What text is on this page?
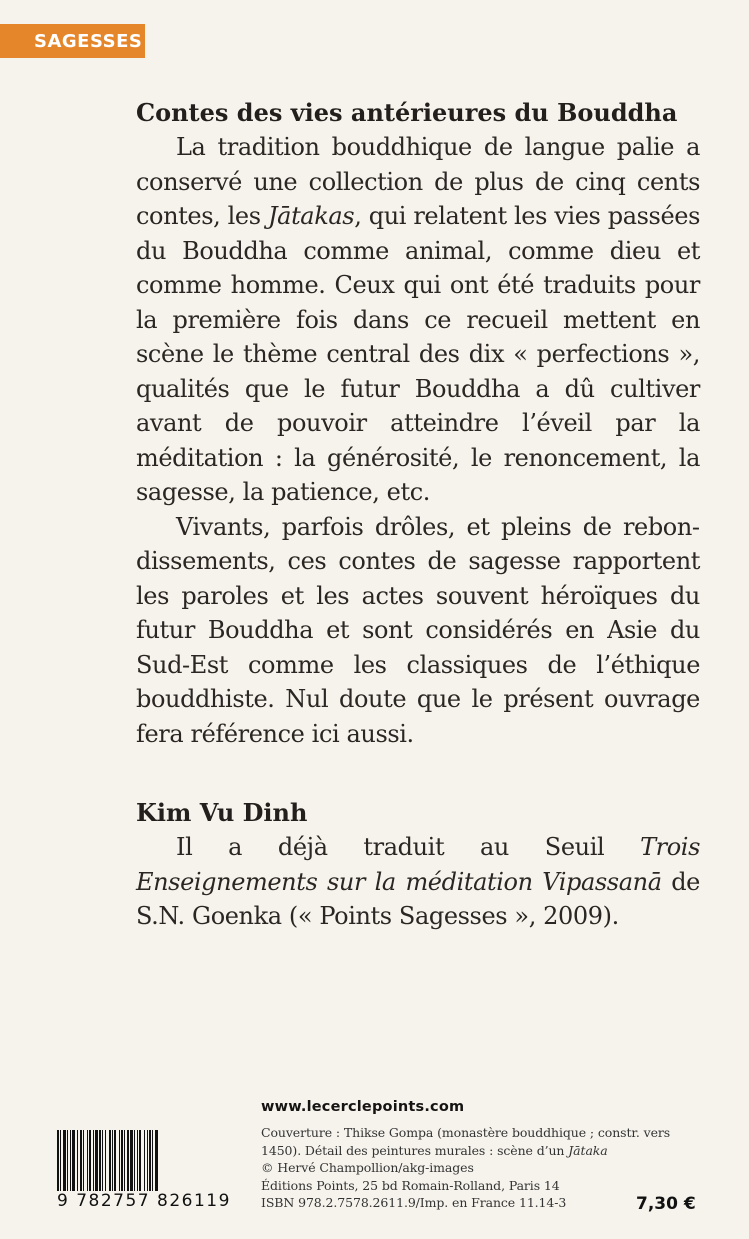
SAGESSES

Contes des vies antérieures du Bouddha

La tradition bouddhique de langue palie a conservé une collection de plus de cinq cents contes, les Jātakas, qui relatent les vies passées du Bouddha comme animal, comme dieu et comme homme. Ceux qui ont été traduits pour la première fois dans ce recueil mettent en scène le thème central des dix « perfections », qualités que le futur Bouddha a dû cultiver avant de pouvoir atteindre l’éveil par la méditation : la générosité, le renoncement, la sagesse, la patience, etc.

Vivants, parfois drôles, et pleins de rebondissements, ces contes de sagesse rapportent les paroles et les actes souvent héroïques du futur Bouddha et sont considérés en Asie du Sud-Est comme les classiques de l’éthique bouddhiste. Nul doute que le présent ouvrage fera référence ici aussi.

Kim Vu Dinh

Il a déjà traduit au Seuil Trois Enseignements sur la méditation Vipassanā de S.N. Goenka (« Points Sagesses », 2009).

9 782757 826119
www.lecerclepoints.com
Couverture : Thikse Gompa (monastère bouddhique ; constr. vers 1450). Détail des peintures murales : scène d’un Jātaka
© Hervé Champollion/akg-images
Éditions Points, 25 bd Romain-Rolland, Paris 14
ISBN 978.2.7578.2611.9/Imp. en France 11.14-3	7,30 €
